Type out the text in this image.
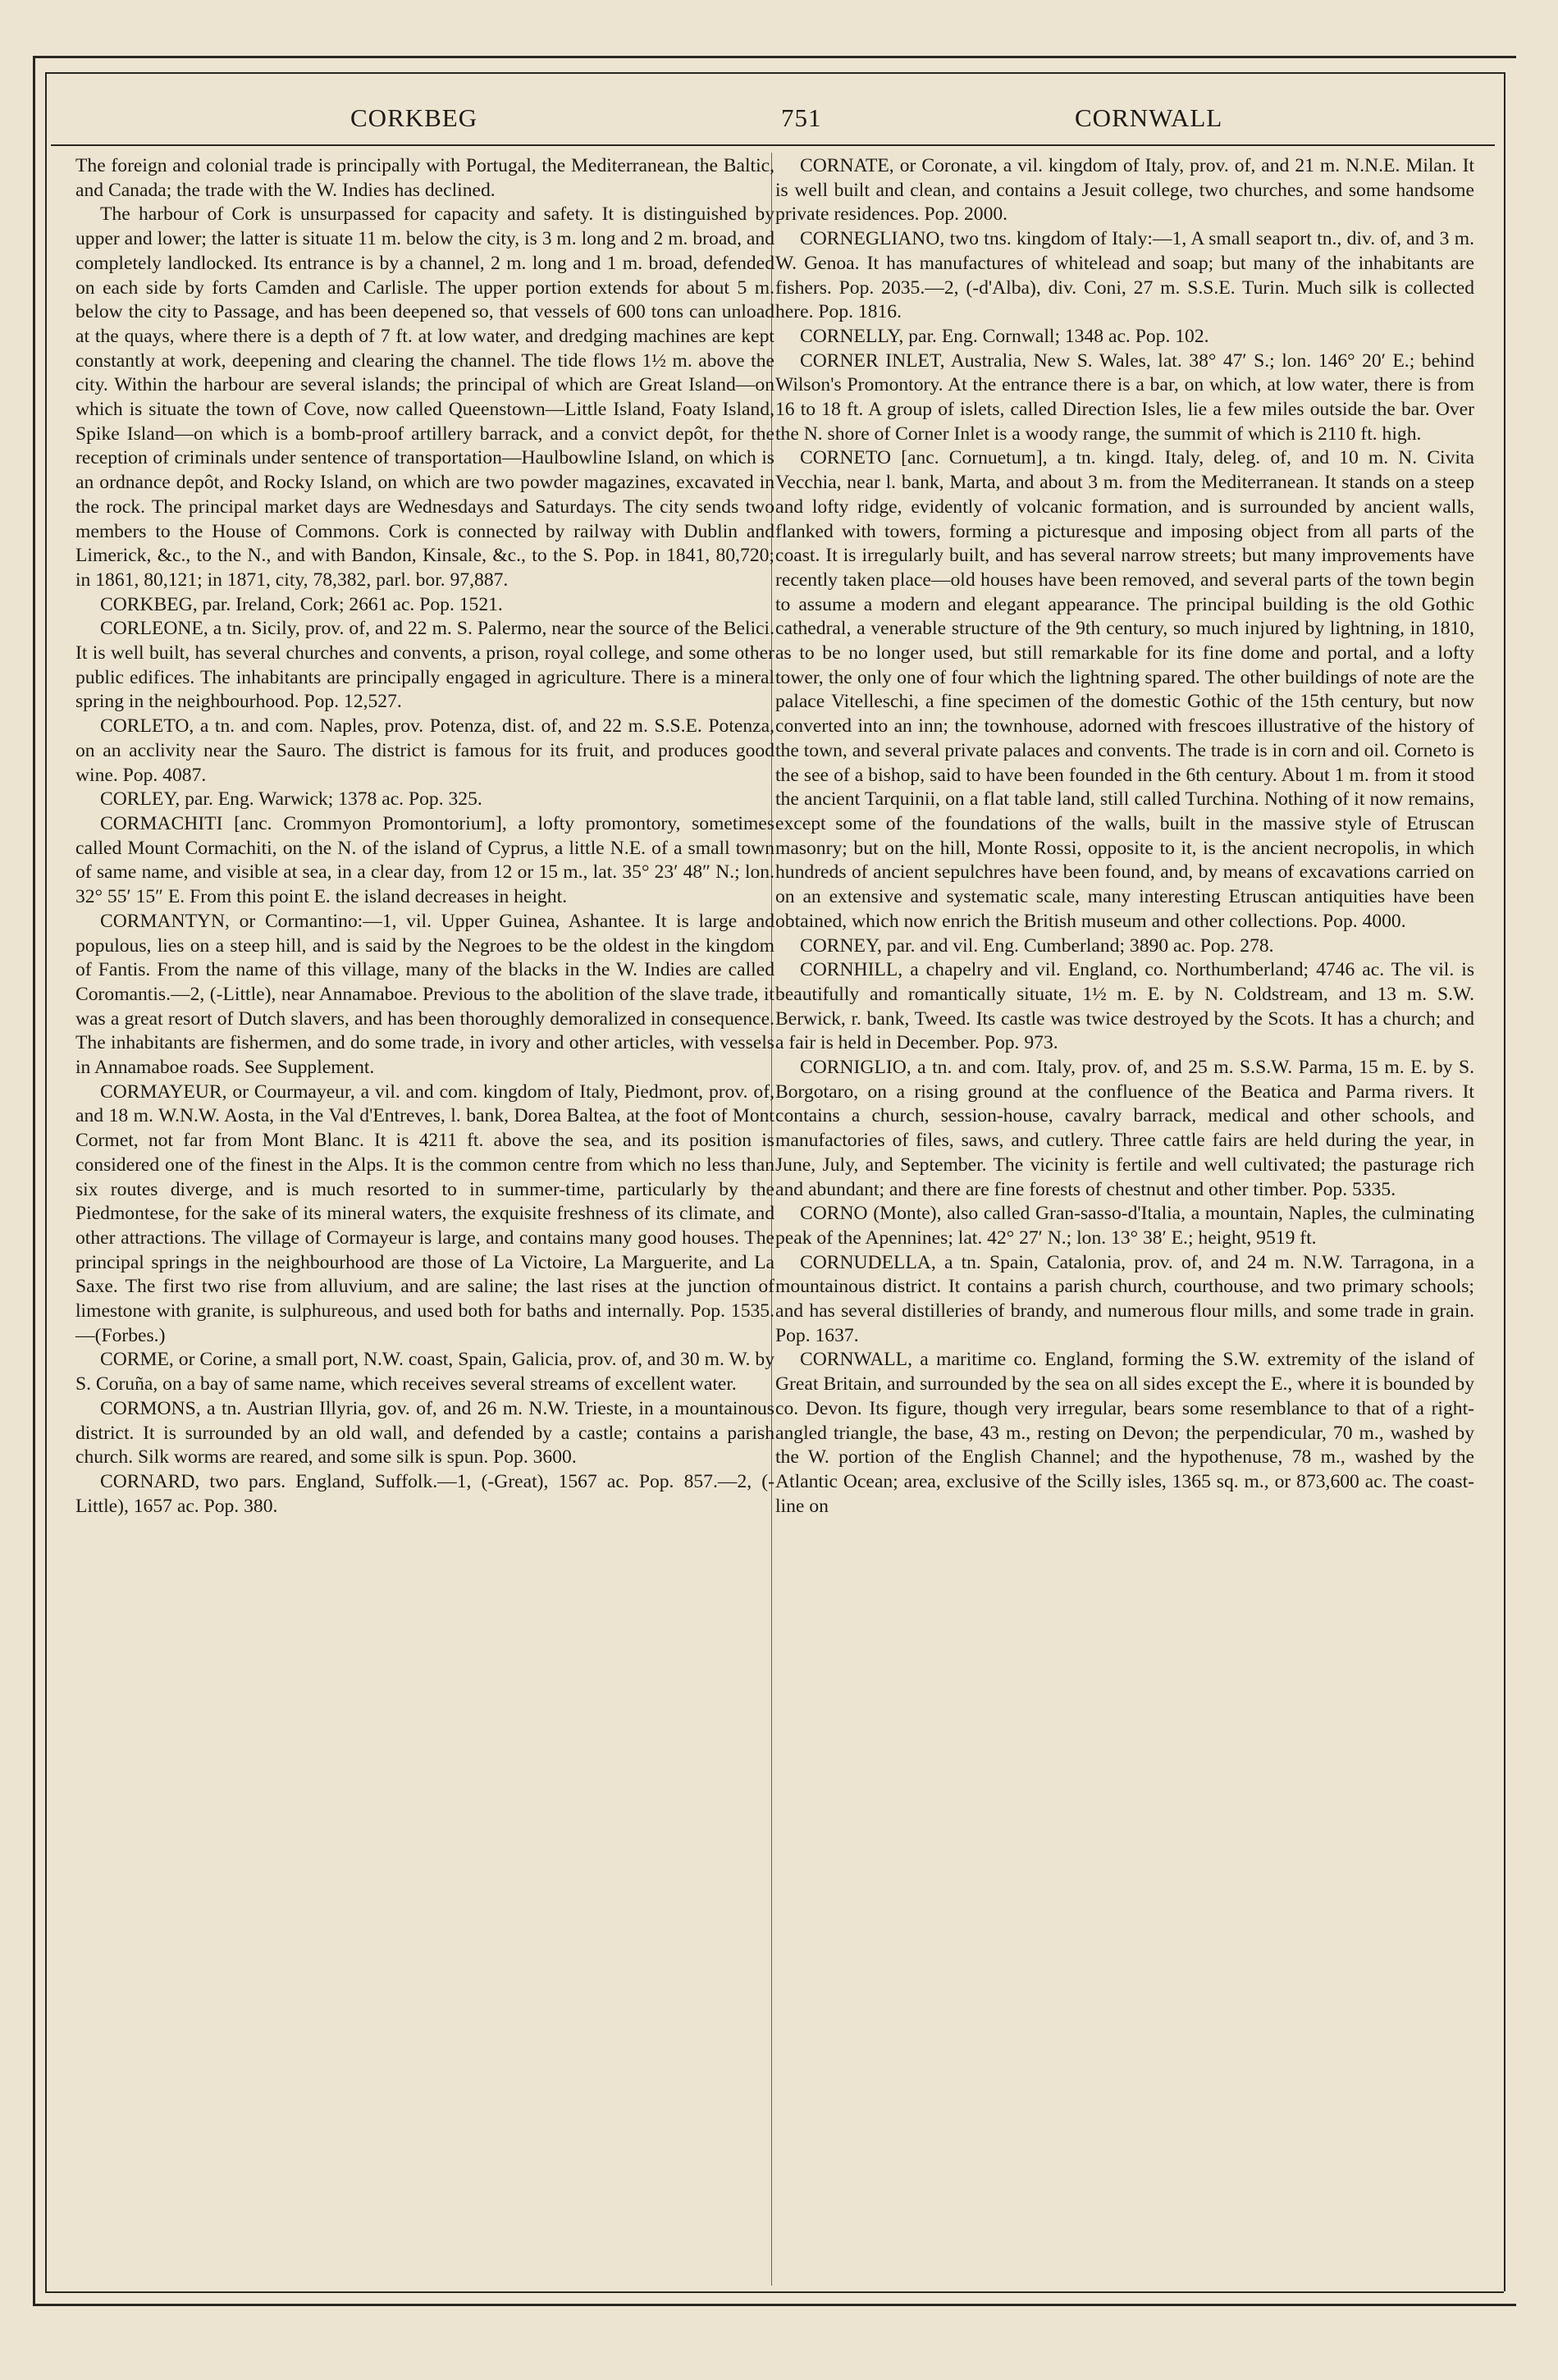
CORKBEG	751	CORNWALL

The foreign and colonial trade is principally with Portugal, the Mediterranean, the Baltic, and Canada; the trade with the W. Indies has declined.

The harbour of Cork is unsurpassed for capacity and safety. It is distinguished by upper and lower; the latter is situate 11 m. below the city, is 3 m. long and 2 m. broad, and completely landlocked. Its entrance is by a channel, 2 m. long and 1 m. broad, defended on each side by forts Camden and Carlisle. The upper portion extends for about 5 m. below the city to Passage, and has been deepened so, that vessels of 600 tons can unload at the quays, where there is a depth of 7 ft. at low water, and dredging machines are kept constantly at work, deepening and clearing the channel. The tide flows 1½ m. above the city. Within the harbour are several islands; the principal of which are Great Island—on which is situate the town of Cove, now called Queenstown—Little Island, Foaty Island, Spike Island—on which is a bomb-proof artillery barrack, and a convict depôt, for the reception of criminals under sentence of transportation—Haulbowline Island, on which is an ordnance depôt, and Rocky Island, on which are two powder magazines, excavated in the rock. The principal market days are Wednesdays and Saturdays. The city sends two members to the House of Commons. Cork is connected by railway with Dublin and Limerick, &c., to the N., and with Bandon, Kinsale, &c., to the S. Pop. in 1841, 80,720; in 1861, 80,121; in 1871, city, 78,382, parl. bor. 97,887.

CORKBEG, par. Ireland, Cork; 2661 ac. Pop. 1521.

CORLEONE, a tn. Sicily, prov. of, and 22 m. S. Palermo, near the source of the Belici. It is well built, has several churches and convents, a prison, royal college, and some other public edifices. The inhabitants are principally engaged in agriculture. There is a mineral spring in the neighbourhood. Pop. 12,527.

CORLETO, a tn. and com. Naples, prov. Potenza, dist. of, and 22 m. S.S.E. Potenza, on an acclivity near the Sauro. The district is famous for its fruit, and produces good wine. Pop. 4087.

CORLEY, par. Eng. Warwick; 1378 ac. Pop. 325.

CORMACHITI [anc. Crommyon Promontorium], a lofty promontory, sometimes called Mount Cormachiti, on the N. of the island of Cyprus, a little N.E. of a small town of same name, and visible at sea, in a clear day, from 12 or 15 m., lat. 35° 23′ 48″ N.; lon. 32° 55′ 15″ E. From this point E. the island decreases in height.

CORMANTYN, or Cormantino:—1, vil. Upper Guinea, Ashantee. It is large and populous, lies on a steep hill, and is said by the Negroes to be the oldest in the kingdom of Fantis. From the name of this village, many of the blacks in the W. Indies are called Coromantis.—2, (-Little), near Annamaboe. Previous to the abolition of the slave trade, it was a great resort of Dutch slavers, and has been thoroughly demoralized in consequence. The inhabitants are fishermen, and do some trade, in ivory and other articles, with vessels in Annamaboe roads. See Supplement.

CORMAYEUR, or Courmayeur, a vil. and com. kingdom of Italy, Piedmont, prov. of, and 18 m. W.N.W. Aosta, in the Val d'Entreves, l. bank, Dorea Baltea, at the foot of Mont Cormet, not far from Mont Blanc. It is 4211 ft. above the sea, and its position is considered one of the finest in the Alps. It is the common centre from which no less than six routes diverge, and is much resorted to in summer-time, particularly by the Piedmontese, for the sake of its mineral waters, the exquisite freshness of its climate, and other attractions. The village of Cormayeur is large, and contains many good houses. The principal springs in the neighbourhood are those of La Victoire, La Marguerite, and La Saxe. The first two rise from alluvium, and are saline; the last rises at the junction of limestone with granite, is sulphureous, and used both for baths and internally. Pop. 1535.—(Forbes.)

CORME, or Corine, a small port, N.W. coast, Spain, Galicia, prov. of, and 30 m. W. by S. Coruña, on a bay of same name, which receives several streams of excellent water.

CORMONS, a tn. Austrian Illyria, gov. of, and 26 m. N.W. Trieste, in a mountainous district. It is surrounded by an old wall, and defended by a castle; contains a parish church. Silk worms are reared, and some silk is spun. Pop. 3600.

CORNARD, two pars. England, Suffolk.—1, (-Great), 1567 ac. Pop. 857.—2, (-Little), 1657 ac. Pop. 380.

CORNATE, or Coronate, a vil. kingdom of Italy, prov. of, and 21 m. N.N.E. Milan. It is well built and clean, and contains a Jesuit college, two churches, and some handsome private residences. Pop. 2000.

CORNEGLIANO, two tns. kingdom of Italy:—1, A small seaport tn., div. of, and 3 m. W. Genoa. It has manufactures of whitelead and soap; but many of the inhabitants are fishers. Pop. 2035.—2, (-d'Alba), div. Coni, 27 m. S.S.E. Turin. Much silk is collected here. Pop. 1816.

CORNELLY, par. Eng. Cornwall; 1348 ac. Pop. 102.

CORNER INLET, Australia, New S. Wales, lat. 38° 47′ S.; lon. 146° 20′ E.; behind Wilson's Promontory. At the entrance there is a bar, on which, at low water, there is from 16 to 18 ft. A group of islets, called Direction Isles, lie a few miles outside the bar. Over the N. shore of Corner Inlet is a woody range, the summit of which is 2110 ft. high.

CORNETO [anc. Cornuetum], a tn. kingd. Italy, deleg. of, and 10 m. N. Civita Vecchia, near l. bank, Marta, and about 3 m. from the Mediterranean. It stands on a steep and lofty ridge, evidently of volcanic formation, and is surrounded by ancient walls, flanked with towers, forming a picturesque and imposing object from all parts of the coast. It is irregularly built, and has several narrow streets; but many improvements have recently taken place—old houses have been removed, and several parts of the town begin to assume a modern and elegant appearance. The principal building is the old Gothic cathedral, a venerable structure of the 9th century, so much injured by lightning, in 1810, as to be no longer used, but still remarkable for its fine dome and portal, and a lofty tower, the only one of four which the lightning spared. The other buildings of note are the palace Vitelleschi, a fine specimen of the domestic Gothic of the 15th century, but now converted into an inn; the townhouse, adorned with frescoes illustrative of the history of the town, and several private palaces and convents. The trade is in corn and oil. Corneto is the see of a bishop, said to have been founded in the 6th century. About 1 m. from it stood the ancient Tarquinii, on a flat table land, still called Turchina. Nothing of it now remains, except some of the foundations of the walls, built in the massive style of Etruscan masonry; but on the hill, Monte Rossi, opposite to it, is the ancient necropolis, in which hundreds of ancient sepulchres have been found, and, by means of excavations carried on on an extensive and systematic scale, many interesting Etruscan antiquities have been obtained, which now enrich the British museum and other collections. Pop. 4000.

CORNEY, par. and vil. Eng. Cumberland; 3890 ac. Pop. 278.

CORNHILL, a chapelry and vil. England, co. Northumberland; 4746 ac. The vil. is beautifully and romantically situate, 1½ m. E. by N. Coldstream, and 13 m. S.W. Berwick, r. bank, Tweed. Its castle was twice destroyed by the Scots. It has a church; and a fair is held in December. Pop. 973.

CORNIGLIO, a tn. and com. Italy, prov. of, and 25 m. S.S.W. Parma, 15 m. E. by S. Borgotaro, on a rising ground at the confluence of the Beatica and Parma rivers. It contains a church, session-house, cavalry barrack, medical and other schools, and manufactories of files, saws, and cutlery. Three cattle fairs are held during the year, in June, July, and September. The vicinity is fertile and well cultivated; the pasturage rich and abundant; and there are fine forests of chestnut and other timber. Pop. 5335.

CORNO (Monte), also called Gran-sasso-d'Italia, a mountain, Naples, the culminating peak of the Apennines; lat. 42° 27′ N.; lon. 13° 38′ E.; height, 9519 ft.

CORNUDELLA, a tn. Spain, Catalonia, prov. of, and 24 m. N.W. Tarragona, in a mountainous district. It contains a parish church, courthouse, and two primary schools; and has several distilleries of brandy, and numerous flour mills, and some trade in grain. Pop. 1637.

CORNWALL, a maritime co. England, forming the S.W. extremity of the island of Great Britain, and surrounded by the sea on all sides except the E., where it is bounded by co. Devon. Its figure, though very irregular, bears some resemblance to that of a right-angled triangle, the base, 43 m., resting on Devon; the perpendicular, 70 m., washed by the W. portion of the English Channel; and the hypothenuse, 78 m., washed by the Atlantic Ocean; area, exclusive of the Scilly isles, 1365 sq. m., or 873,600 ac. The coast-line on
